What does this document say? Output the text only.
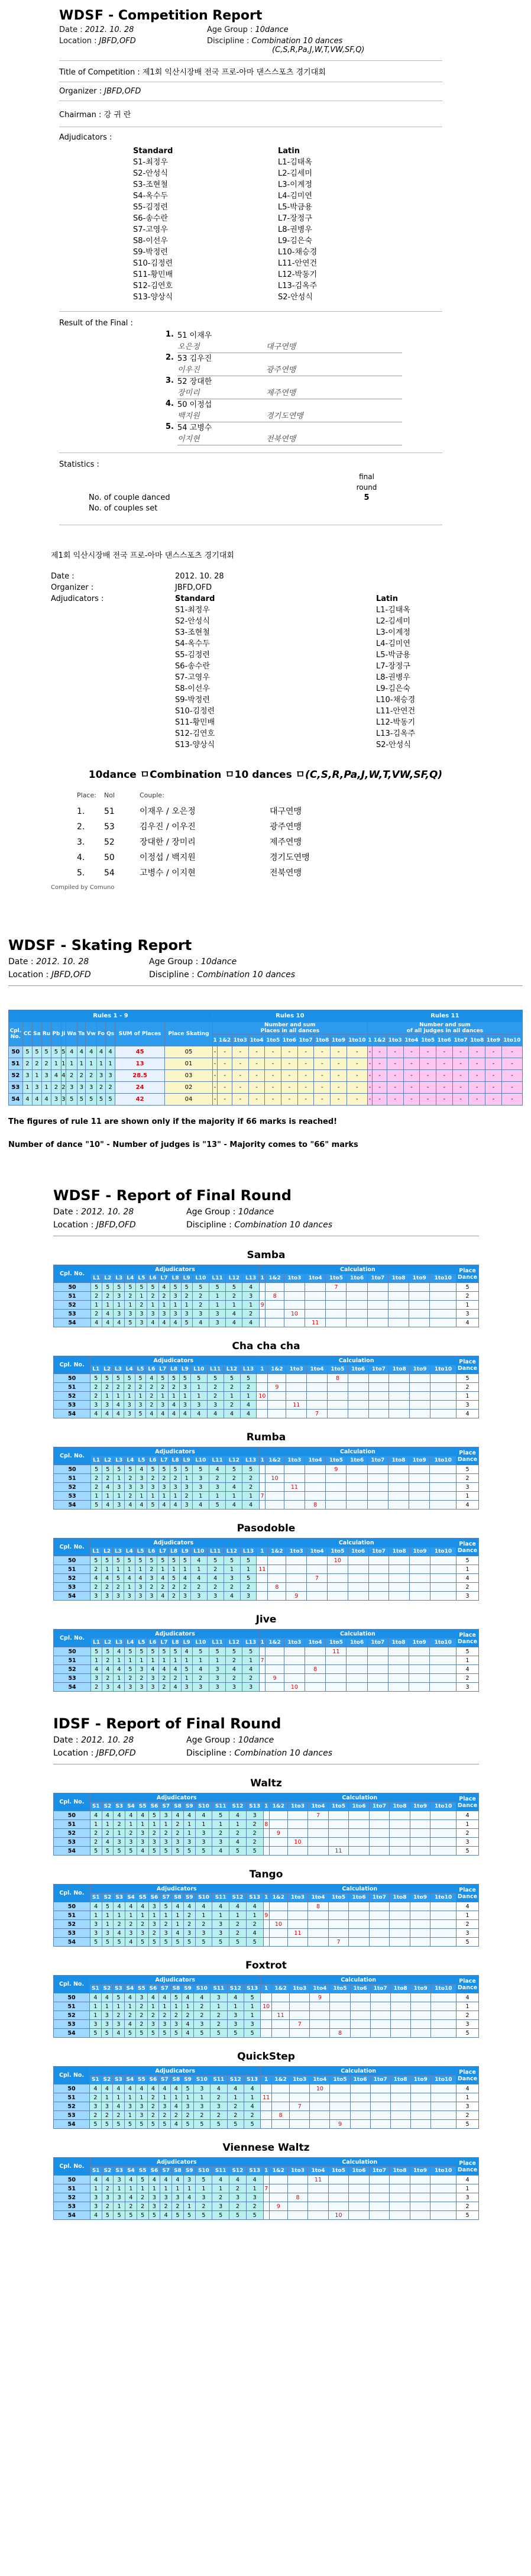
WDSF - Competition Report
Date : 2012. 10. 28	Age Group : 10dance
Location : JBFD,OFD	Discipline : Combination 10 dances
(C,S,R,Pa,J,W,T,VW,SF,Q)
Title of Competition : 제1회 익산시장배 전국 프로-아마 댄스스포츠 경기대회
Organizer : JBFD,OFD
Chairman : 강 귀 란
Adjudicators :
Standard
S1-최정우
S2-안성식
S3-조현철
S4-옥수두
S5-김정련
S6-송수란
S7-고영우
S8-이선우
S9-박정련
S10-김정련
S11-황민배
S12-김연호
S13-양상식
Latin
L1-김태옥
L2-김세미
L3-이계정
L4-김미연
L5-박금용
L7-장정구
L8-권병우
L9-김은숙
L10-채승경
L11-안연건
L12-박동기
L13-김옥주
S2-안성식
Result of the Final :
1. 51 이재우
오은정	대구연맹
2. 53 김우진
이우진	광주연맹
3. 52 장대한
장미리	제주연맹
4. 50 이정섭
백지원	경기도연맹
5. 54 고병수
이지현	전북연맹
Statistics :
final
round
No. of couple danced	5
No. of couples set
제1회 익산시장배 전국 프로-아마 댄스스포츠 경기대회
Date :	2012. 10. 28
Organizer :	JBFD,OFD
Adjudicators :	Standard
S1-최정우
S2-안성식
S3-조현철
S4-옥수두
S5-김정련
S6-송수란
S7-고영우
S8-이선우
S9-박정련
S10-김정련
S11-황민배
S12-김연호
S13-양상식
Latin
L1-김태옥
L2-김세미
L3-이계정
L4-김미연
L5-박금용
L7-장정구
L8-권병우
L9-김은숙
L10-채승경
L11-안연건
L12-박동기
L13-김옥주
S2-안성식
10dance ㅁCombination ㅁ10 dances ㅁ(C,S,R,Pa,J,W,T,VW,SF,Q)
Place:	Nol	Couple:
1.	51	이재우 / 오은정	대구연맹
2.	53	김우진 / 이우진	광주연맹
3.	52	장대한 / 장미리	제주연맹
4.	50	이정섭 / 백지원	경기도연맹
5.	54	고병수 / 이지현	전북연맹
Compiled by Comuno
WDSF - Skating Report
Date : 2012. 10. 28	Age Group : 10dance
Location : JBFD,OFD	Discipline : Combination 10 dances
Rules 1 - 9													Rules 10										Rules 11									
Cpl.
No.	CC	Sa	Ru	Pb	Ji	Wa	Ta	Vw	Fo	Qs	SUM of Places	Place Skating	Number and sum
Places in all dances										Number and sum
of all judges in all dances									
													1	1&2	1to3	1to4	1to5	1to6	1to7	1to8	1to9	1to10	1	1&2	1to3	1to4	1to5	1to6	1to7	1to8	1to9	1to10
50	5	5	5	5	5	4	4	4	4	4	45	05	-	-	-	-	-	-	-	-	-	-	-	-	-	-	-	-	-	-	-	-
51	2	2	2	1	1	1	1	1	1	1	13	01	-	-	-	-	-	-	-	-	-	-	-	-	-	-	-	-	-	-	-	-
52	3	1	3	4	4	2	2	2	3	3	28.5	03	-	-	-	-	-	-	-	-	-	-	-	-	-	-	-	-	-	-	-	-
53	1	3	1	2	2	3	3	3	2	2	24	02	-	-	-	-	-	-	-	-	-	-	-	-	-	-	-	-	-	-	-	-
54	4	4	4	3	3	5	5	5	5	5	42	04	-	-	-	-	-	-	-	-	-	-	-	-	-	-	-	-	-	-	-	-
The figures of rule 11 are shown only if the majority if 66 marks is reached!
Number of dance "10" - Number of judges is "13" - Majority comes to "66" marks
WDSF - Report of Final Round
Date : 2012. 10. 28	Age Group : 10dance
Location : JBFD,OFD	Discipline : Combination 10 dances
Samba
Cpl. No.	Adjudicators													Calculation										Place Dance
	L1	L2	L3	L4	L5	L6	L7	L8	L9	L10	L11	L12	L13	1	1&2	1to3	1to4	1to5	1to6	1to7	1to8	1to9	1to10	
50	5	5	5	5	5	5	4	5	5	5	5	5	4					7						5
51	2	2	3	2	1	2	2	3	2	2	1	2	3		8									2
52	1	1	1	1	2	1	1	1	1	2	1	1	1	9										1
53	2	4	3	3	3	3	3	3	3	3	3	4	2			10								3
54	4	4	4	5	3	4	4	4	5	4	3	4	4				11							4
Cha cha cha
Cpl. No.	Adjudicators													Calculation										Place Dance
	L1	L2	L3	L4	L5	L6	L7	L8	L9	L10	L11	L12	L13	1	1&2	1to3	1to4	1to5	1to6	1to7	1to8	1to9	1to10	
50	5	5	5	5	5	4	5	5	5	5	5	5	5					8						5
51	2	2	2	2	2	2	2	2	3	1	2	2	2		9									2
52	2	1	1	1	1	2	1	1	1	1	2	1	1	10										1
53	3	3	4	3	3	2	3	4	3	3	3	2	4			11								3
54	4	4	4	3	5	4	4	4	4	4	4	4	4				7							4
Rumba
Cpl. No.	Adjudicators													Calculation										Place Dance
	L1	L2	L3	L4	L5	L6	L7	L8	L9	L10	L11	L12	L13	1	1&2	1to3	1to4	1to5	1to6	1to7	1to8	1to9	1to10	
50	5	5	5	5	4	5	5	5	5	5	4	5	5					9						5
51	2	2	1	2	3	2	2	2	1	3	2	2	2		10									2
52	2	4	3	3	3	3	3	3	3	3	3	4	2			11								3
53	1	1	1	2	1	1	1	1	2	1	1	1	1	7										1
54	5	4	3	4	4	5	4	4	3	4	5	4	4				8							4
Pasodoble
Cpl. No.	Adjudicators													Calculation										Place Dance
	L1	L2	L3	L4	L5	L6	L7	L8	L9	L10	L11	L12	L13	1	1&2	1to3	1to4	1to5	1to6	1to7	1to8	1to9	1to10	
50	5	5	5	5	5	5	5	5	5	4	5	5	5					10						5
51	2	1	1	1	1	2	1	1	1	1	2	1	1	11										1
52	4	4	5	4	4	3	4	5	4	4	4	3	5				7							4
53	2	2	2	1	3	2	2	2	2	2	2	2	2		8									2
54	3	3	3	3	3	3	4	2	3	3	3	4	3			9								3
Jive
Cpl. No.	Adjudicators													Calculation										Place Dance
	L1	L2	L3	L4	L5	L6	L7	L8	L9	L10	L11	L12	L13	1	1&2	1to3	1to4	1to5	1to6	1to7	1to8	1to9	1to10	
50	5	5	4	5	5	5	5	5	4	5	5	5	5					11						5
51	1	2	1	1	1	1	1	1	1	1	1	2	1	7										1
52	4	4	4	5	3	4	4	4	5	4	3	4	4				8							4
53	3	2	1	2	2	3	2	2	1	2	3	2	2		9									2
54	2	3	4	3	3	3	2	4	3	3	3	3	3			10								3
IDSF - Report of Final Round
Date : 2012. 10. 28	Age Group : 10dance
Location : JBFD,OFD	Discipline : Combination 10 dances
Waltz
Cpl. No.	Adjudicators													Calculation										Place Dance
	S1	S2	S3	S4	S5	S6	S7	S8	S9	S10	S11	S12	S13	1	1&2	1to3	1to4	1to5	1to6	1to7	1to8	1to9	1to10	
50	4	4	4	4	4	5	3	4	4	4	5	4	3				7							4
51	1	1	2	1	1	1	1	2	1	1	1	1	2	8										1
52	2	2	1	2	3	2	2	2	1	3	2	2	2		9									2
53	2	4	3	3	3	3	3	3	3	3	3	4	2			10								3
54	5	5	5	5	4	5	5	5	5	5	4	5	5					11						5
Tango
Cpl. No.	Adjudicators													Calculation										Place Dance
	S1	S2	S3	S4	S5	S6	S7	S8	S9	S10	S11	S12	S13	1	1&2	1to3	1to4	1to5	1to6	1to7	1to8	1to9	1to10	
50	4	5	4	4	4	3	5	4	4	4	4	4	4				8							4
51	1	1	1	1	1	1	1	1	2	1	1	1	1	9										1
52	3	1	2	2	2	3	2	1	2	2	3	2	2		10									2
53	3	3	4	3	3	2	3	4	3	3	3	2	4			11								3
54	5	5	5	4	5	5	5	5	5	5	5	5	5					7						5
Foxtrot
Cpl. No.	Adjudicators													Calculation										Place Dance
	S1	S2	S3	S4	S5	S6	S7	S8	S9	S10	S11	S12	S13	1	1&2	1to3	1to4	1to5	1to6	1to7	1to8	1to9	1to10	
50	4	4	5	4	3	4	4	5	4	4	3	4	5				9							4
51	1	1	1	1	2	1	1	1	1	2	1	1	1	10										1
52	1	3	2	2	2	2	2	2	2	2	2	3	1		11									2
53	3	3	3	4	2	3	3	3	4	3	2	3	3			7								3
54	5	5	4	5	5	5	5	5	4	5	5	5	5					8						5
QuickStep
Cpl. No.	Adjudicators													Calculation										Place Dance
	S1	S2	S3	S4	S5	S6	S7	S8	S9	S10	S11	S12	S13	1	1&2	1to3	1to4	1to5	1to6	1to7	1to8	1to9	1to10	
50	4	4	4	4	4	4	4	4	5	3	4	4	4				10							4
51	2	1	1	1	1	2	1	1	1	1	2	1	1	11										1
52	3	3	4	3	3	2	3	4	3	3	3	2	4			7								3
53	2	2	2	1	3	2	2	2	2	2	2	2	2		8									2
54	5	5	5	5	5	5	5	4	5	5	5	5	5					9						5
Viennese Waltz
Cpl. No.	Adjudicators													Calculation										Place Dance
	S1	S2	S3	S4	S5	S6	S7	S8	S9	S10	S11	S12	S13	1	1&2	1to3	1to4	1to5	1to6	1to7	1to8	1to9	1to10	
50	4	4	3	4	5	4	4	4	3	5	4	4	4				11							4
51	1	2	1	1	1	1	1	1	1	1	1	2	1	7										1
52	3	3	3	4	2	3	3	3	4	3	2	3	3			8								3
53	3	2	1	2	2	3	2	2	1	2	3	2	2		9									2
54	4	5	5	5	5	5	4	5	5	5	5	5	5					10						5
